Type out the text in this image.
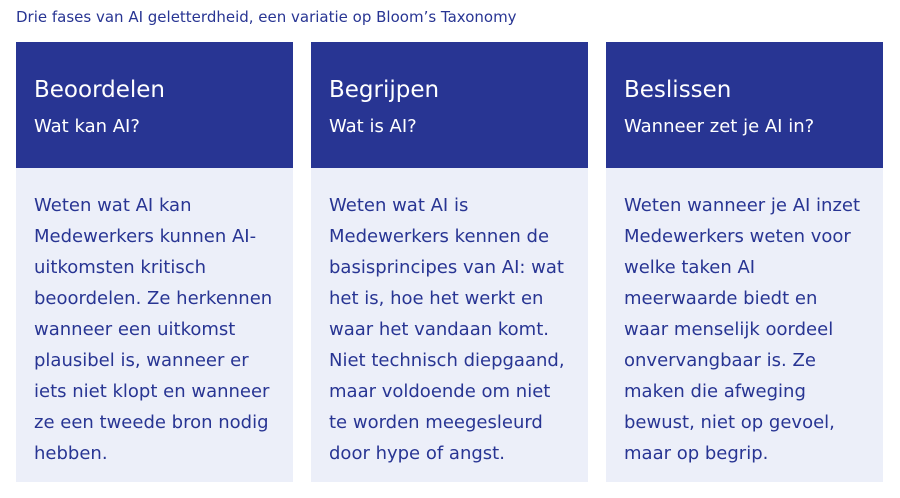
Drie fases van AI geletterdheid, een variatie op Bloom’s Taxonomy
Beoordelen
Wat kan AI?
Weten wat AI kan Medewerkers kunnen AI-uitkomsten kritisch beoordelen. Ze herkennen wanneer een uitkomst plausibel is, wanneer er iets niet klopt en wanneer ze een tweede bron nodig hebben.
Begrijpen
Wat is AI?
Weten wat AI is Medewerkers kennen de basisprincipes van AI: wat het is, hoe het werkt en waar het vandaan komt. Niet technisch diepgaand, maar voldoende om niet te worden meegesleurd door hype of angst.
Beslissen
Wanneer zet je AI in?
Weten wanneer je AI inzet Medewerkers weten voor welke taken AI meerwaarde biedt en waar menselijk oordeel onvervangbaar is. Ze maken die afweging bewust, niet op gevoel, maar op begrip.
